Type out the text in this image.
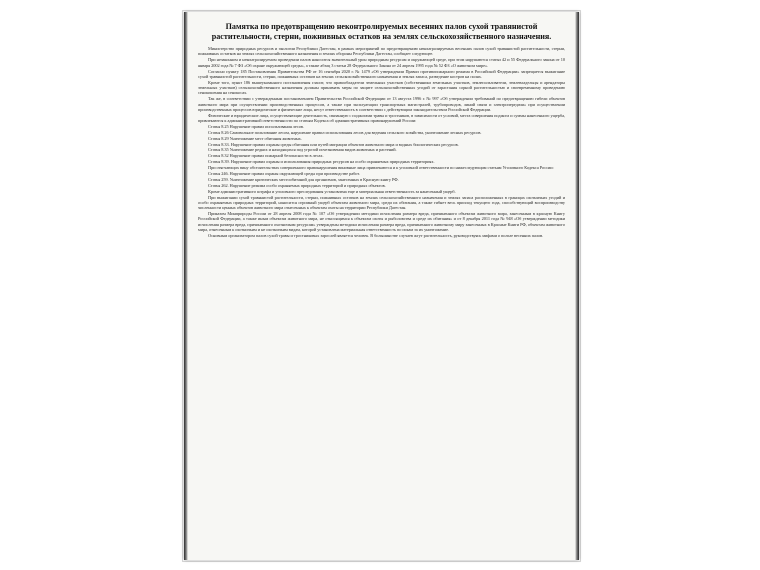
Памятка по предотвращению неконтролируемых весенних палов сухой травянистой растительности, стерни, пожнивных остатков на землях сельскохозяйственного назначения.

Министерство природных ресурсов и экологии Республики Дагестан, в рамках мероприятий по предотвращению неконтролируемых весенних палов сухой травянистой растительности, стерни, пожнивных остатков на землях сельскохозяйственного назначения и землях обороны Республики Дагестан, сообщает следующее.

При незаконном и неконтролируемом проведении палов наносится значительный урон природным ресурсам и окружающей среде, при этом нарушаются статьи 42 и 55 Федерального закона от 10 января 2002 года № 7 ФЗ «Об охране окружающей среды», а также абзац 3 статьи 28 Федерального Закона от 24 апреля 1995 года № 52 ФЗ «О животном мире».

Согласно пункту 185 Постановления Правительства РФ от 16 сентября 2020 г. № 1479 «Об утверждении Правил противопожарного режима в Российской Федерации» запрещается выжигание сухой травянистой растительности, стерни, пожнивных остатков на землях сельскохозяйственного назначения и землях запаса, разведение костров на полях.

Кроме того, пункт 186 вышеуказанного постановления гласит, что правообладатели земельных участков (собственники земельных участков, землепользователи, землевладельцы и арендаторы земельных участков) сельскохозяйственного назначения должны принимать меры по защите сельскохозяйственных угодий от зарастания сорной растительностью и своевременному проведению сенокошения на сенокосах.

Так же, в соответствии с утвержденным постановлением Правительства Российской Федерации от 13 августа 1996 г. № 997 «Об утверждении требований по предотвращению гибели объектов животного мира при осуществлении производственных процессов, а также при эксплуатации транспортных магистралей, трубопроводов, линий связи и электропередачи» при осуществлении производственных процессов юридические и физические лица, несут ответственность в соответствии с действующим законодательством Российской Федерации.

Физические и юридические лица, осуществляющие деятельность, связанную с поджогами травы и тростников, в зависимости от условий, места совершения поджога и суммы нанесенного ущерба, привлекаются к административной ответственности по статьям Кодекса об административных правонарушений России:

Статья 8.25 Нарушение правил использования лесов.

Статья 8.26 Самовольное пользование лесом, нарушение правил использования лесов для ведения сельского хозяйства, уничтожение лесных ресурсов.

Статья 8.29 Уничтожение мест обитания животных.

Статья 8.33. Нарушение правил охраны среды обитания или путей миграции объектов животного мира и водных биологических ресурсов.

Статья 8.35 Уничтожение редких и находящихся под угрозой исчезновения видов животных и растений.

Статья 8.32 Нарушение правил пожарной безопасности в лесах.

Статья 8.39. Нарушение правил охраны и использования природных ресурсов на особо охраняемых природных территориях.

При отягчающих вину обстоятельствах совершенного правонарушения виновные лица привлекаются и к уголовной ответственности по нижеследующим статьям Уголовного Кодекса России:

Статья 246. Нарушение правил охраны окружающей среды при производстве работ.

Статья 259. Уничтожение критических местообитаний для организмов, занесенных в Красную книгу РФ.

Статья 262. Нарушение режима особо охраняемых природных территорий и природных объектов.

Кроме административного штрафа и уголовного преследования установлена еще и материальная ответственность за нанесенный ущерб.

При выжигании сухой травянистой растительности, стерни, пожнивных остатков на землях сельскохозяйственного назначения и землях запаса расположенных в границах охотничьих угодий и особо охраняемых природных территорий, наносится огромный ущерб объектам животного мира, среди их обитания, а также гибнет весь приплод текущего года, способствующий воспроизводству численности ценных объектов животного мира отнесенных к объектам охоты на территории Республики Дагестан.

Приказом Минприроды России от 28 апреля 2008 года № 107 «Об утверждении методики исчисления размера вреда, причиненного объектам животного мира, занесенным в красную Книгу Российской Федерации, а также иным объектам животного мира, не относящимся к объектам охоты и рыболовства и среде их обитания» и от 8 декабря 2011 года № 948 «Об утверждении методики исчисления размера вреда, причиненного охотничьим ресурсам» утверждены методики исчисления размера вреда, причиненного животному миру занесенных в Красные Книги РФ, объектам животного мира, отнесенным к охотничьим и не охотничьим видам, которой установлена материальная ответственность по искам за их уничтожение.

Основным организатором палов сухой травы и тростниковых зарослей является человек. В большинстве случаев жгут растительность, руководствуясь мифами о пользе весенних палов.
